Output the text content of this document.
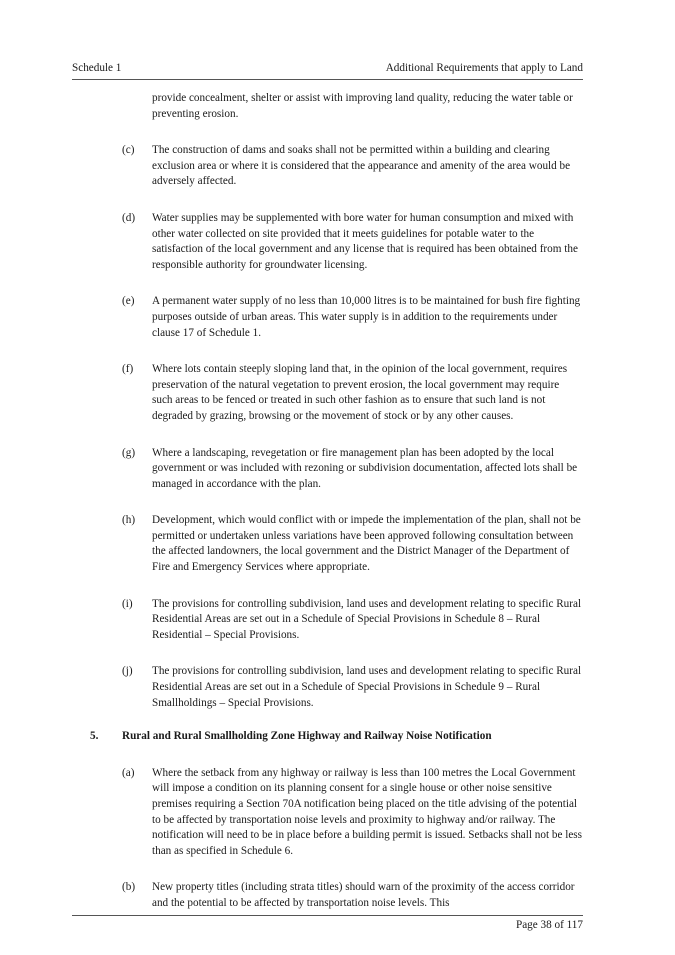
Schedule 1	Additional Requirements that apply to Land
provide concealment, shelter or assist with improving land quality, reducing the water table or preventing erosion.
(c) The construction of dams and soaks shall not be permitted within a building and clearing exclusion area or where it is considered that the appearance and amenity of the area would be adversely affected.
(d) Water supplies may be supplemented with bore water for human consumption and mixed with other water collected on site provided that it meets guidelines for potable water to the satisfaction of the local government and any license that is required has been obtained from the responsible authority for groundwater licensing.
(e) A permanent water supply of no less than 10,000 litres is to be maintained for bush fire fighting purposes outside of urban areas. This water supply is in addition to the requirements under clause 17 of Schedule 1.
(f) Where lots contain steeply sloping land that, in the opinion of the local government, requires preservation of the natural vegetation to prevent erosion, the local government may require such areas to be fenced or treated in such other fashion as to ensure that such land is not degraded by grazing, browsing or the movement of stock or by any other causes.
(g) Where a landscaping, revegetation or fire management plan has been adopted by the local government or was included with rezoning or subdivision documentation, affected lots shall be managed in accordance with the plan.
(h) Development, which would conflict with or impede the implementation of the plan, shall not be permitted or undertaken unless variations have been approved following consultation between the affected landowners, the local government and the District Manager of the Department of Fire and Emergency Services where appropriate.
(i) The provisions for controlling subdivision, land uses and development relating to specific Rural Residential Areas are set out in a Schedule of Special Provisions in Schedule 8 – Rural Residential – Special Provisions.
(j) The provisions for controlling subdivision, land uses and development relating to specific Rural Residential Areas are set out in a Schedule of Special Provisions in Schedule 9 – Rural Smallholdings – Special Provisions.
5. Rural and Rural Smallholding Zone Highway and Railway Noise Notification
(a) Where the setback from any highway or railway is less than 100 metres the Local Government will impose a condition on its planning consent for a single house or other noise sensitive premises requiring a Section 70A notification being placed on the title advising of the potential to be affected by transportation noise levels and proximity to highway and/or railway. The notification will need to be in place before a building permit is issued. Setbacks shall not be less than as specified in Schedule 6.
(b) New property titles (including strata titles) should warn of the proximity of the access corridor and the potential to be affected by transportation noise levels. This
Page 38 of 117
